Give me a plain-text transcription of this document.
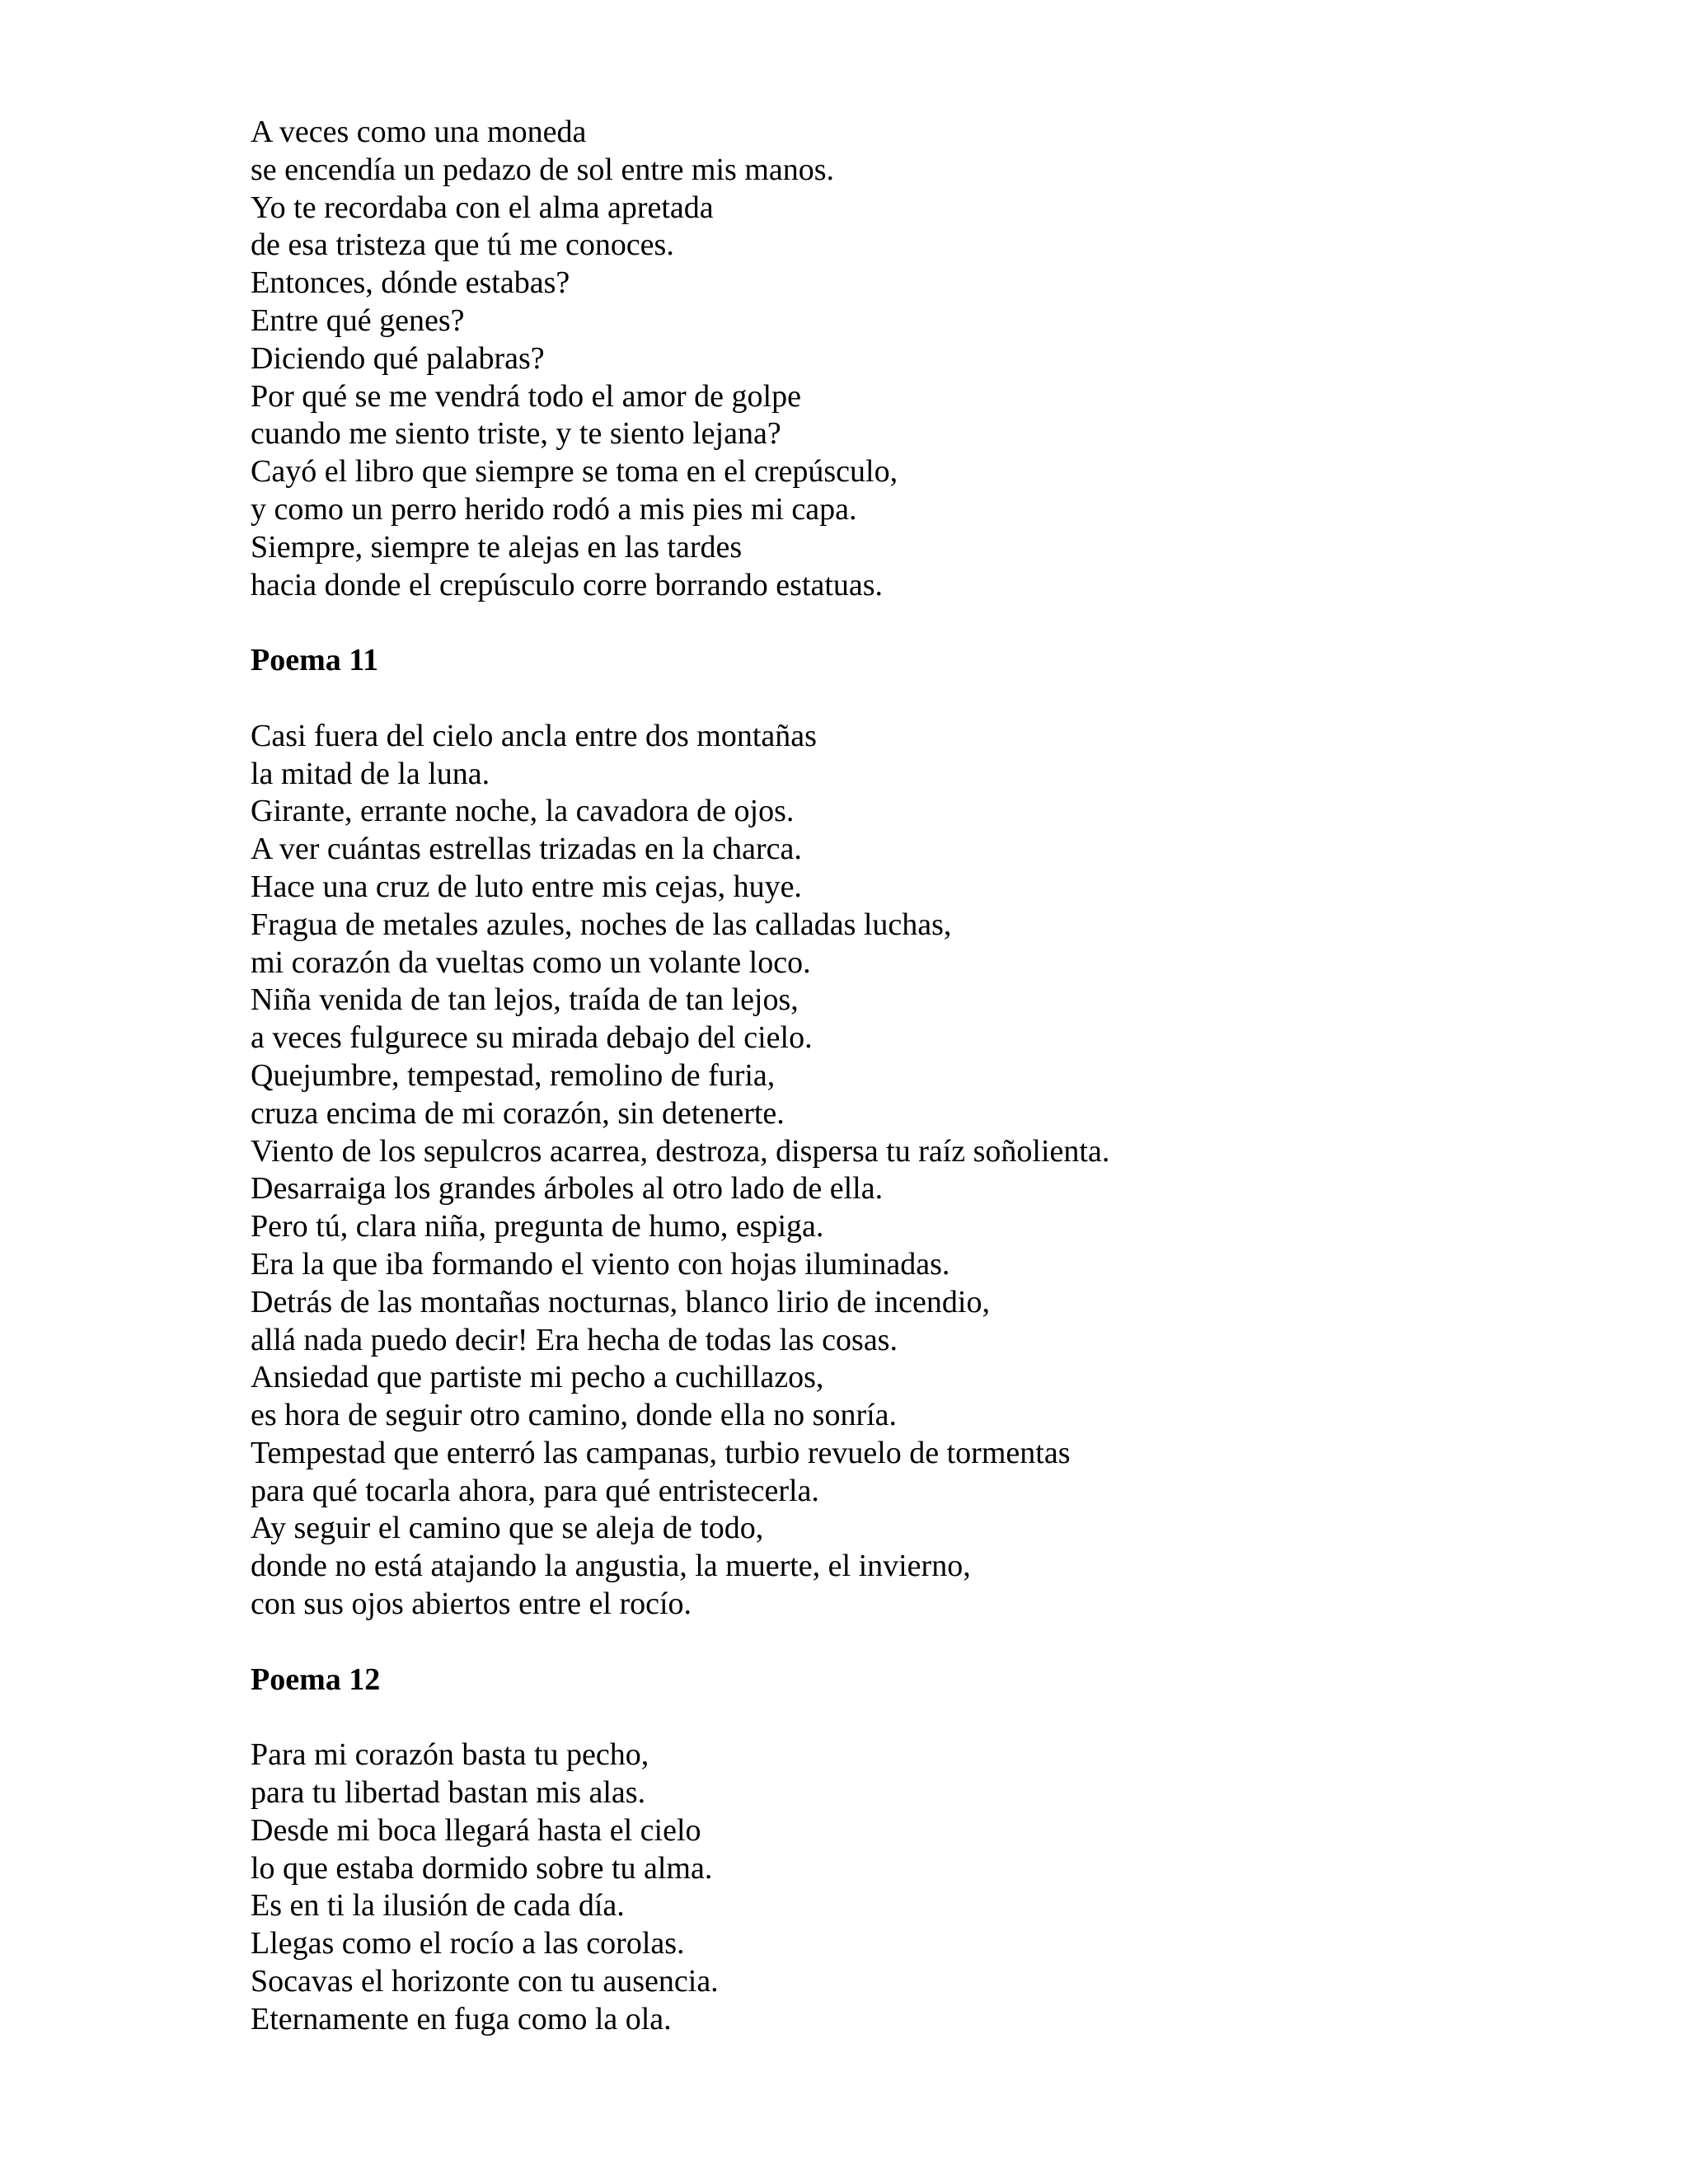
A veces como una moneda
se encendía un pedazo de sol entre mis manos.
Yo te recordaba con el alma apretada
de esa tristeza que tú me conoces.
Entonces, dónde estabas?
Entre qué genes?
Diciendo qué palabras?
Por qué se me vendrá todo el amor de golpe
cuando me siento triste, y te siento lejana?
Cayó el libro que siempre se toma en el crepúsculo,
y como un perro herido rodó a mis pies mi capa.
Siempre, siempre te alejas en las tardes
hacia donde el crepúsculo corre borrando estatuas.
Poema 11
Casi fuera del cielo ancla entre dos montañas
la mitad de la luna.
Girante, errante noche, la cavadora de ojos.
A ver cuántas estrellas trizadas en la charca.
Hace una cruz de luto entre mis cejas, huye.
Fragua de metales azules, noches de las calladas luchas,
mi corazón da vueltas como un volante loco.
Niña venida de tan lejos, traída de tan lejos,
a veces fulgurece su mirada debajo del cielo.
Quejumbre, tempestad, remolino de furia,
cruza encima de mi corazón, sin detenerte.
Viento de los sepulcros acarrea, destroza, dispersa tu raíz soñolienta.
Desarraiga los grandes árboles al otro lado de ella.
Pero tú, clara niña, pregunta de humo, espiga.
Era la que iba formando el viento con hojas iluminadas.
Detrás de las montañas nocturnas, blanco lirio de incendio,
allá nada puedo decir! Era hecha de todas las cosas.
Ansiedad que partiste mi pecho a cuchillazos,
es hora de seguir otro camino, donde ella no sonría.
Tempestad que enterró las campanas, turbio revuelo de tormentas
para qué tocarla ahora, para qué entristecerla.
Ay seguir el camino que se aleja de todo,
donde no está atajando la angustia, la muerte, el invierno,
con sus ojos abiertos entre el rocío.
Poema 12
Para mi corazón basta tu pecho,
para tu libertad bastan mis alas.
Desde mi boca llegará hasta el cielo
lo que estaba dormido sobre tu alma.
Es en ti la ilusión de cada día.
Llegas como el rocío a las corolas.
Socavas el horizonte con tu ausencia.
Eternamente en fuga como la ola.
